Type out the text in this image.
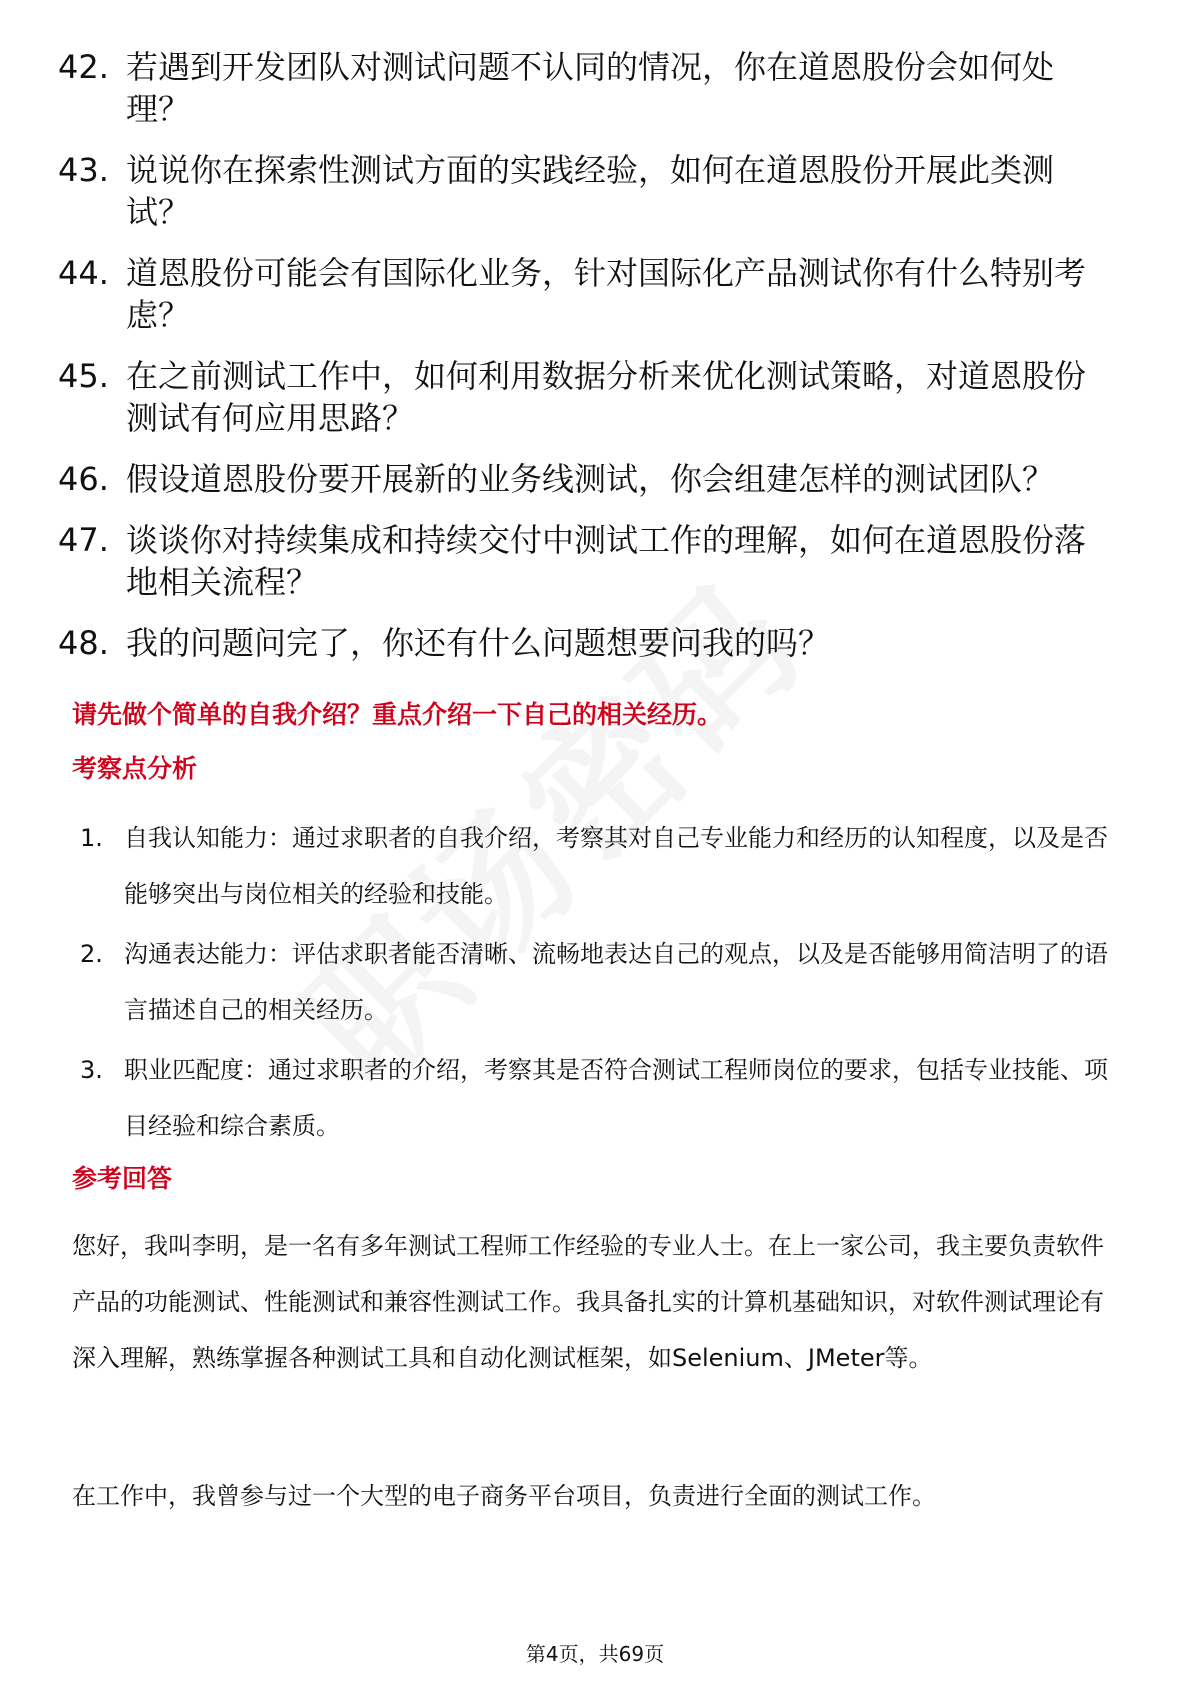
42. 若遇到开发团队对测试问题不认同的情况，你在道恩股份会如何处理？
43. 说说你在探索性测试方面的实践经验，如何在道恩股份开展此类测试？
44. 道恩股份可能会有国际化业务，针对国际化产品测试你有什么特别考虑？
45. 在之前测试工作中，如何利用数据分析来优化测试策略，对道恩股份测试有何应用思路？
46. 假设道恩股份要开展新的业务线测试，你会组建怎样的测试团队？
47. 谈谈你对持续集成和持续交付中测试工作的理解，如何在道恩股份落地相关流程？
48. 我的问题问完了，你还有什么问题想要问我的吗？
请先做个简单的自我介绍？重点介绍一下自己的相关经历。
考察点分析
1. 自我认知能力：通过求职者的自我介绍，考察其对自己专业能力和经历的认知程度，以及是否能够突出与岗位相关的经验和技能。
2. 沟通表达能力：评估求职者能否清晰、流畅地表达自己的观点，以及是否能够用简洁明了的语言描述自己的相关经历。
3. 职业匹配度：通过求职者的介绍，考察其是否符合测试工程师岗位的要求，包括专业技能、项目经验和综合素质。
参考回答
您好，我叫李明，是一名有多年测试工程师工作经验的专业人士。在上一家公司，我主要负责软件产品的功能测试、性能测试和兼容性测试工作。我具备扎实的计算机基础知识，对软件测试理论有深入理解，熟练掌握各种测试工具和自动化测试框架，如Selenium、JMeter等。
在工作中，我曾参与过一个大型的电子商务平台项目，负责进行全面的测试工作。
第4页，共69页
